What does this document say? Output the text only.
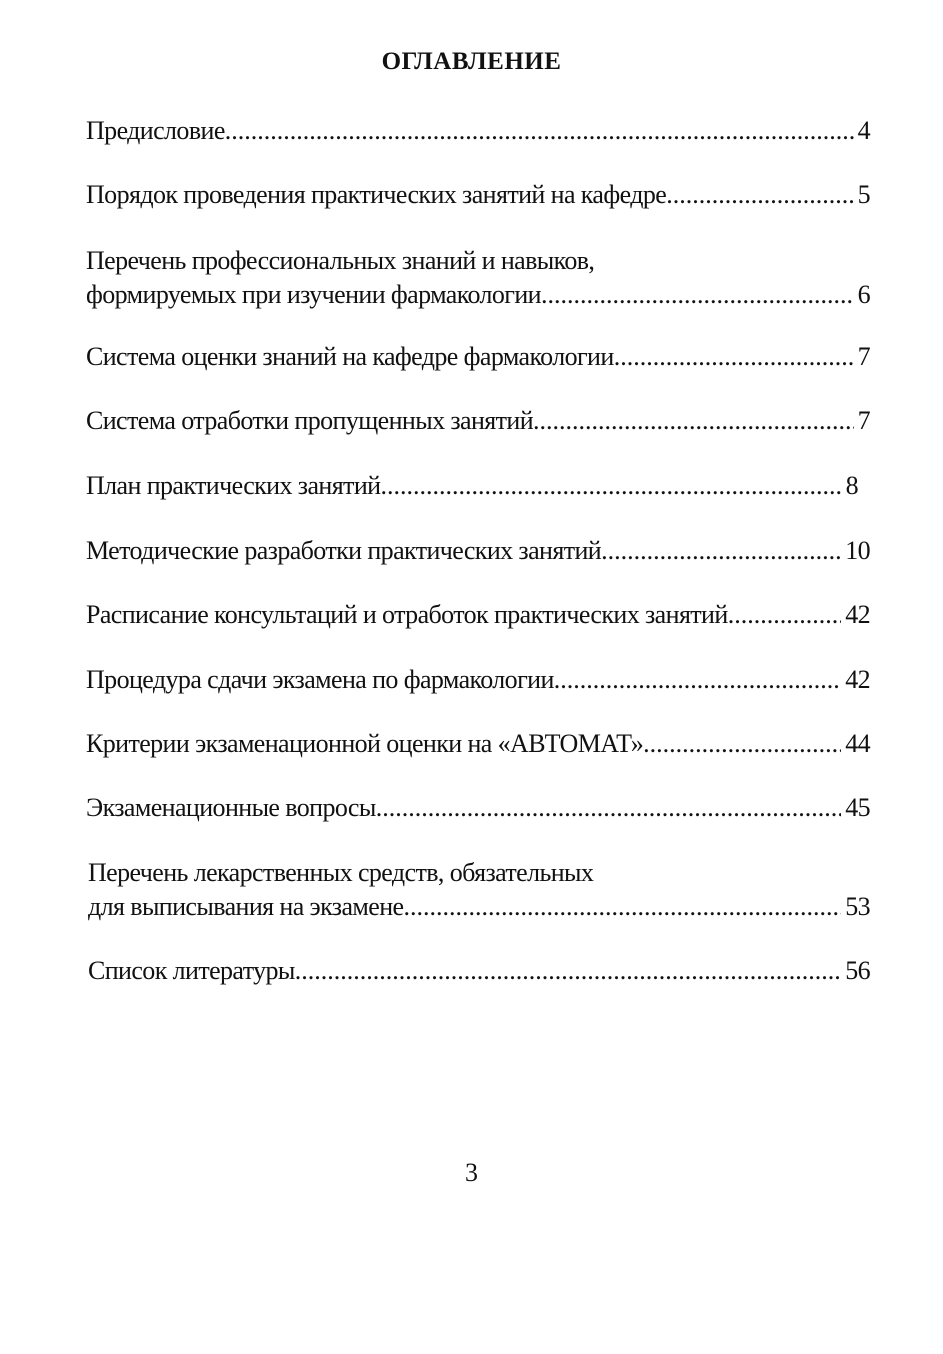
ОГЛАВЛЕНИЕ
Предисловие .....	4
Порядок проведения практических занятий на кафедре .....	5
Перечень профессиональных знаний и навыков,
формируемых при изучении фармакологии .....	6
Система оценки знаний на кафедре фармакологии .....	7
Система отработки пропущенных занятий .....	7
План практических занятий .....	8
Методические разработки практических занятий .....	10
Расписание консультаций и отработок практических занятий .....	42
Процедура сдачи экзамена по фармакологии .....	42
Критерии экзаменационной оценки на «АВТОМАТ» .....	44
Экзаменационные вопросы .....	45
Перечень лекарственных средств, обязательных
для выписывания на экзамене .....	53
Список литературы .....	56
3
